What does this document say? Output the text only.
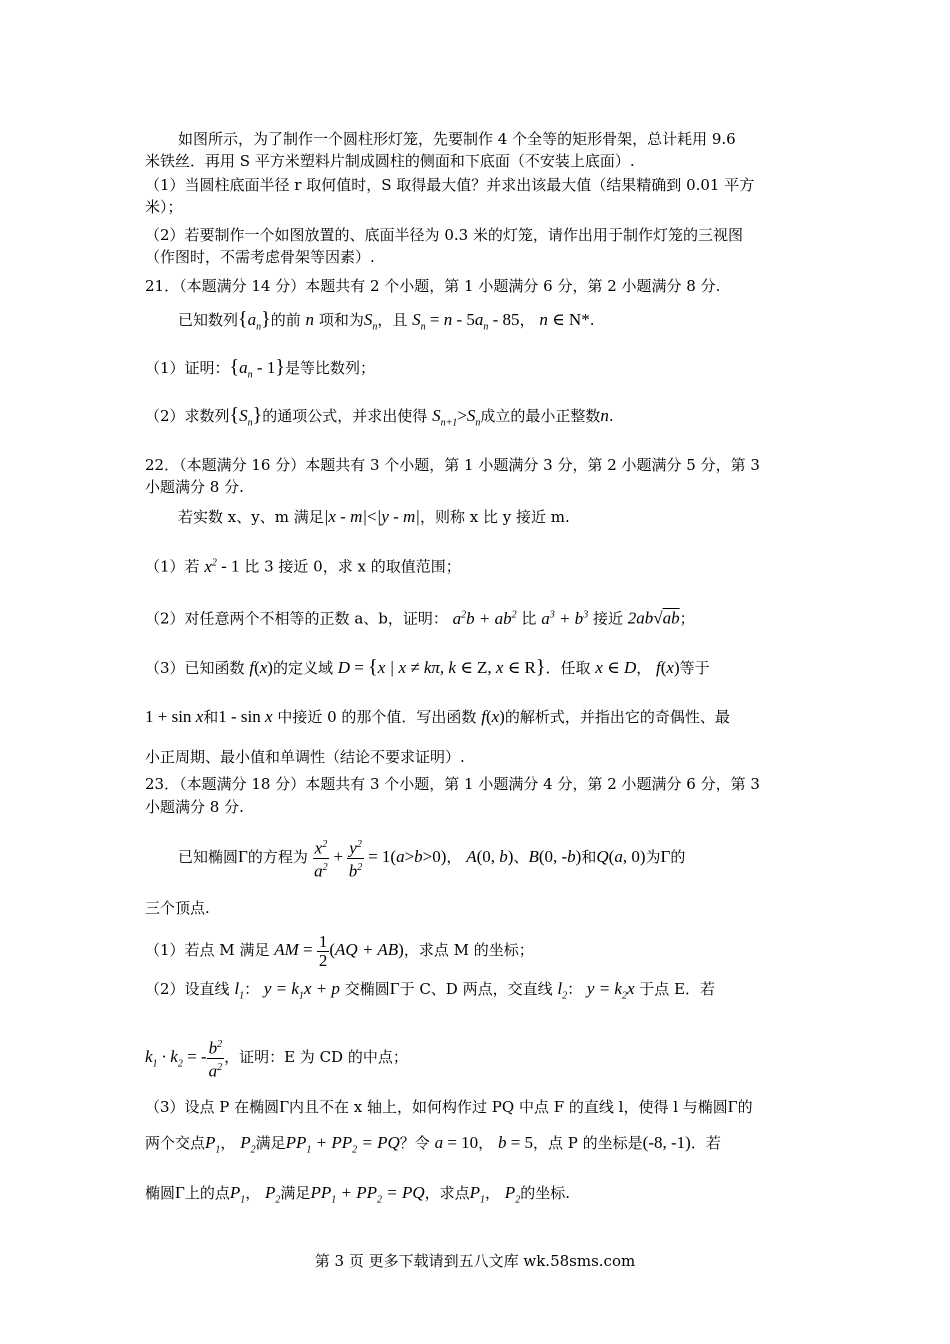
如图所示，为了制作一个圆柱形灯笼，先要制作 4 个全等的矩形骨架，总计耗用 9.6
米铁丝．再用 S 平方米塑料片制成圆柱的侧面和下底面（不安装上底面）.
（1）当圆柱底面半径 r 取何值时，S 取得最大值？并求出该最大值（结果精确到 0.01 平方
米）；
（2）若要制作一个如图放置的、底面半径为 0.3 米的灯笼，请作出用于制作灯笼的三视图
（作图时，不需考虑骨架等因素）.
21．（本题满分 14 分）本题共有 2 个小题，第 1 小题满分 6 分，第 2 小题满分 8 分.
已知数列$\{a_n\}$的前 n 项和为$S_n$，且 $S_n = n - 5a_n - 85$， n ∈ N*.
（1）证明：$\{a_n - 1\}$是等比数列；
（2）求数列$\{S_n\}$的通项公式，并求出使得 $S_{n+1}>S_n$成立的最小正整数n.
22．（本题满分 16 分）本题共有 3 个小题，第 1 小题满分 3 分，第 2 小题满分 5 分，第 3
小题满分 8 分.
若实数 x、y、m 满足|x - m|<|y - m|，则称 x 比 y 接近 m.
（1）若 $x^2 - 1$ 比 3 接近 0，求 x 的取值范围；
（2）对任意两个不相等的正数 a、b，证明： $a^2b + ab^2$ 比 $a^3 + b^3$ 接近 2ab√ab；
（3）已知函数 f(x)的定义域 D = {x | x ≠ kπ, k ∈ Z, x ∈ R}．任取 x ∈ D， f(x)等于
1 + sin x和1 - sin x 中接近 0 的那个值．写出函数 f(x)的解析式，并指出它的奇偶性、最
小正周期、最小值和单调性（结论不要求证明）.
23．（本题满分 18 分）本题共有 3 个小题，第 1 小题满分 4 分，第 2 小题满分 6 分，第 3
小题满分 8 分.
已知椭圆Γ的方程为 $\frac{x^2}{a^2} + \frac{y^2}{b^2} = 1(a>b>0)$， A(0, b)、B(0, -b)和Q(a, 0)为Γ的
三个顶点.
（1）若点 M 满足 AM = $\frac{1}{2} (AQ + AB)$，求点 M 的坐标；
（2）设直线 $l_1$： $y = k_1x + p$ 交椭圆Γ于 C、D 两点，交直线 $l_2$： $y = k_2x$ 于点 E．若
$k_1 \cdot k_2$ = - $\frac{b^2}{a^2}$ ，证明：E 为 CD 的中点；
（3）设点 P 在椭圆Γ内且不在 x 轴上，如何构作过 PQ 中点 F 的直线 l，使得 l 与椭圆Γ的
两个交点$P_1$， $P_2$满足$PP_1 + PP_2$ = PQ？令 a = 10， b = 5，点 P 的坐标是(-8, -1)．若
椭圆Γ上的点$P_1$， $P_2$满足$PP_1 + PP_2$ = PQ，求点$P_1$， $P_2$的坐标.
第 3 页 更多下载请到五八文库 wk.58sms.com
